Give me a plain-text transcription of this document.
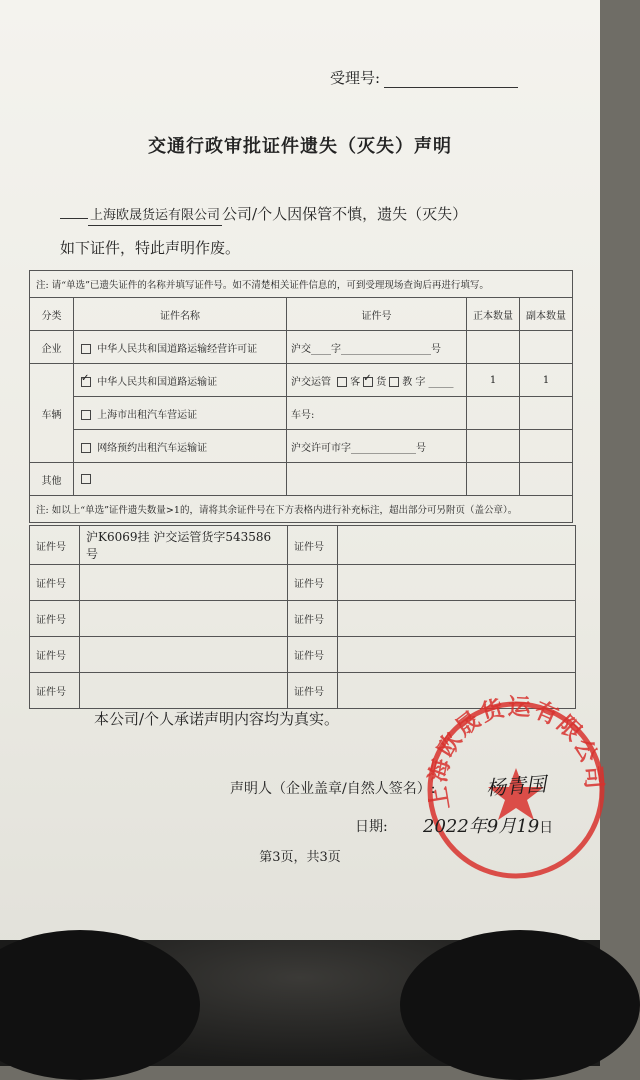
受理号:
交通行政审批证件遗失（灭失）声明
上海欧晟货运有限公司 公司/个人因保管不慎，遗失（灭失）
如下证件，特此声明作废。
注: 请“单选”已遗失证件的名称并填写证件号。如不清楚相关证件信息的，可到受理现场查询后再进行填写。				
分类	证件名称	证件号	正本数量	副本数量
企业	中华人民共和国道路运输经营许可证	沪交____字__________________号		
车辆	✓ 中华人民共和国道路运输证	沪交运管 客 ✓ 货 教 字 _____	1	1
	上海市出租汽车营运证	车号:		
	网络预约出租汽车运输证	沪交许可市字_____________号		
其他				
注: 如以上“单选”证件遗失数量>1的，请将其余证件号在下方表格内进行补充标注，超出部分可另附页（盖公章）。				
证件号	沪K6069挂 沪交运管货字543586号	证件号	
证件号		证件号	
证件号		证件号	
证件号		证件号	
证件号		证件号	
本公司/个人承诺声明内容均为真实。
上海欧晟货运有限公司
声明人（企业盖章/自然人签名）: 杨青国
日期: 2022年9月19日
第3页，共3页
